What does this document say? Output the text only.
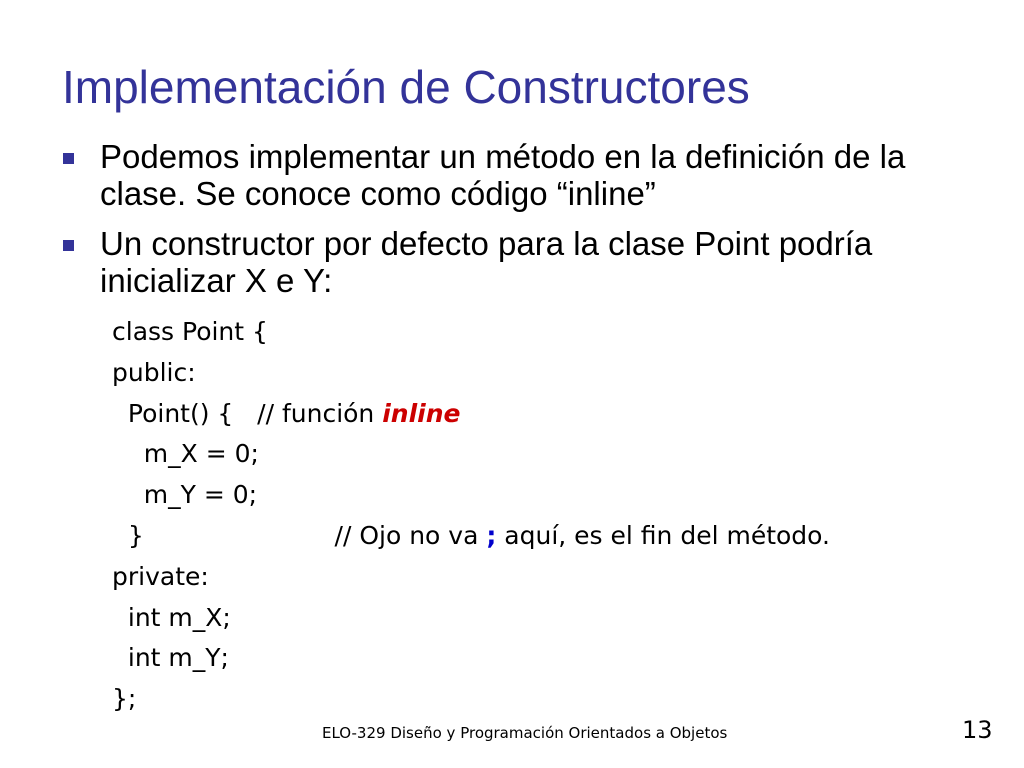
Implementación de Constructores
Podemos implementar un método en la definición de la clase. Se conoce como código “inline”
Un constructor por defecto para la clase Point podría inicializar X e Y:
class Point {
public:
Point() {   // función inline
m_X = 0;
m_Y = 0;
}                        // Ojo no va ; aquí, es el fin del método.
private:
int m_X;
int m_Y;
};
ELO-329 Diseño y Programación Orientados a Objetos	13
